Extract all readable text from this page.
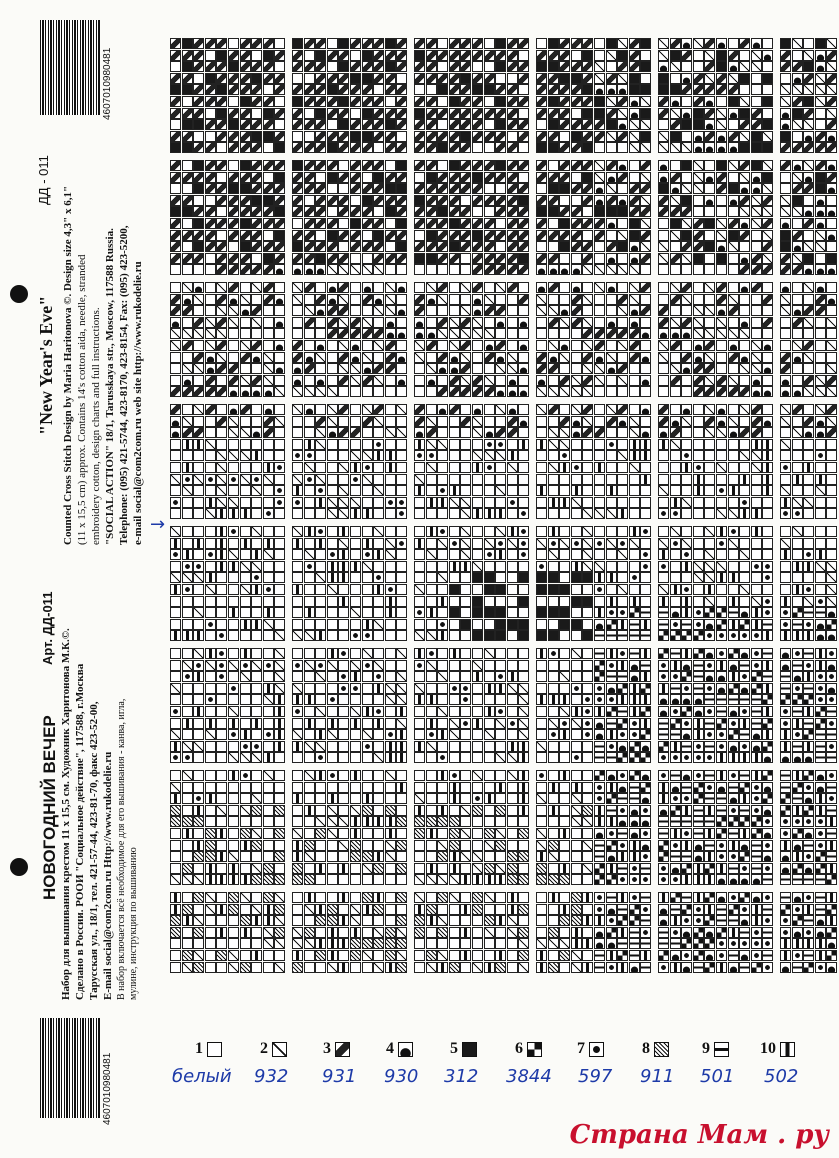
4607010980481
4607010980481
НОВОГОДНИЙ ВЕЧЕР
Арт. ДД-011
Набор для вышивания крестом 11 х 15,5 см. Художник Харитонова М.К.©. Сделано в России. РООИ "Социальное действие", 117588, г.Москва Тарусская ул., 18/1, тел. 421-57-44, 423-81-70, факс 423-52-00, E-mail social@com2com.ru Http://www.rukodelie.ru В набор включается всё необходимое для его вышивания - канва, игла, мулине, инструкция по вышиванию
"New Year's Eve"
ДД - 011
Counted Cross Stitch Design by Maria Haritonova ©. Design size 4,3" x 6,1" (11 x 15,5 cm) approx. Contains 14's cotton aida, needle, stranded embroidery cotton, design charts and full instructions. "SOCIAL ACTION" 18/1, Tarusskaya str., Moscow, 117588 Russia. Telephone: (095) 421-5744, 423-8170, 423-8154, Fax: (095) 423-5200, e-mail social@com2com.ru web site http://www.rukodelie.ru →
1
белый
2
932
3
931
4
930
5
312
6
3844
7
597
8
911
9
501
10
502
Страна Мам . ру
